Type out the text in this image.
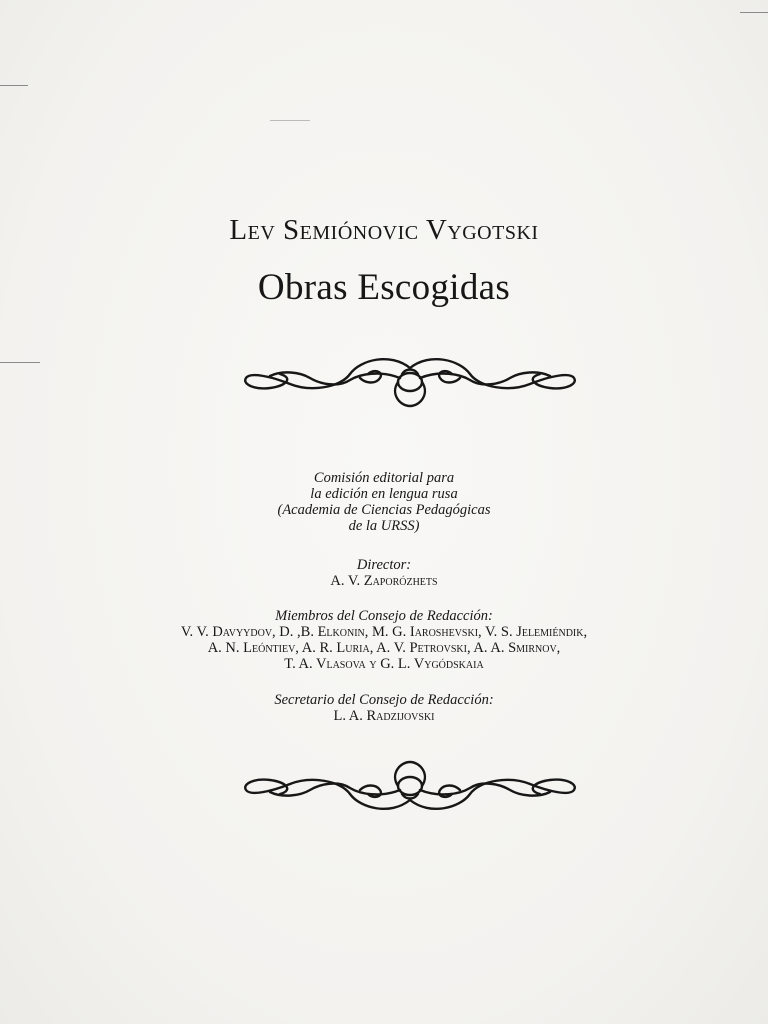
Lev Semiónovic Vygotski
Obras Escogidas
Comisión editorial para
la edición en lengua rusa
(Academia de Ciencias Pedagógicas
de la URSS)
Director:
A. V. Zaporózhets
Miembros del Consejo de Redacción:
V. V. Davyydov, D. ,B. Elkonin, M. G. Iaroshevski, V. S. Jelemiéndik,
A. N. Leóntiev, A. R. Luria, A. V. Petrovski, A. A. Smirnov,
T. A. Vlasova y G. L. Vygódskaia
Secretario del Consejo de Redacción:
L. A. Radzijovski
